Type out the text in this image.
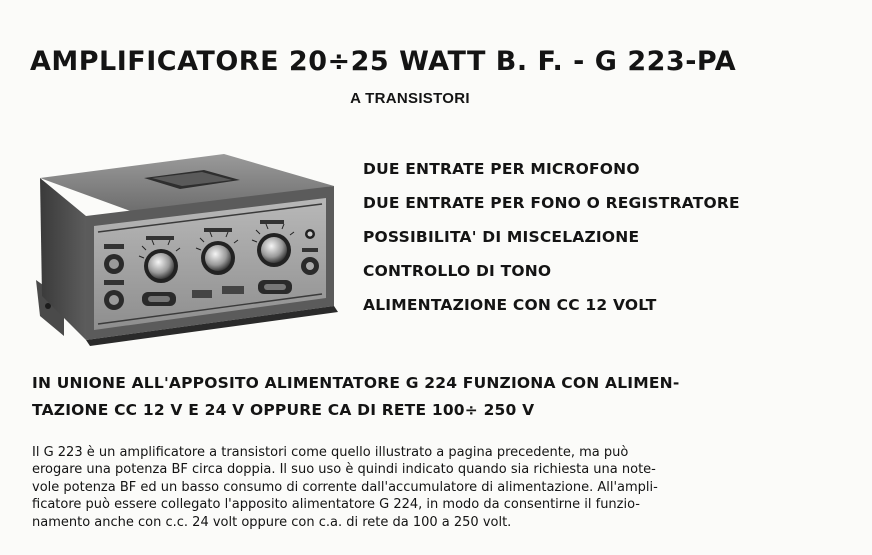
AMPLIFICATORE 20÷25 WATT B. F. - G 223-PA
A TRANSISTORI
DUE ENTRATE PER MICROFONO
DUE ENTRATE PER FONO O REGISTRATORE
POSSIBILITA' DI MISCELAZIONE
CONTROLLO DI TONO
ALIMENTAZIONE CON CC 12 VOLT
IN UNIONE ALL'APPOSITO ALIMENTATORE G 224 FUNZIONA CON ALIMEN-
TAZIONE CC 12 V E 24 V OPPURE CA DI RETE 100÷ 250 V
Il G 223 è un amplificatore a transistori come quello illustrato a pagina precedente, ma può
erogare una potenza BF circa doppia. Il suo uso è quindi indicato quando sia richiesta una note-
vole potenza BF ed un basso consumo di corrente dall'accumulatore di alimentazione. All'ampli-
ficatore può essere collegato l'apposito alimentatore G 224, in modo da consentirne il funzio-
namento anche con c.c. 24 volt oppure con c.a. di rete da 100 a 250 volt.
